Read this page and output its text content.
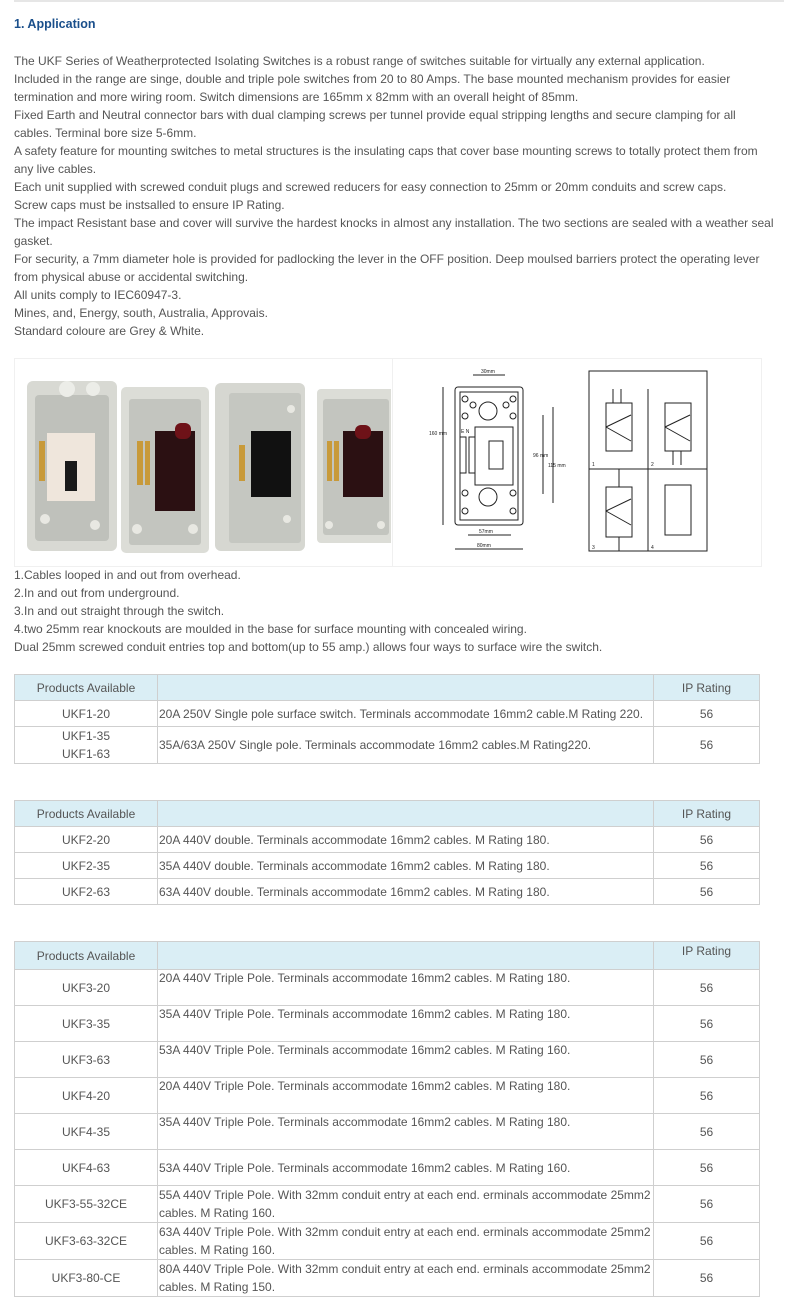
1. Application

The UKF Series of Weatherprotected Isolating Switches is a robust range of switches suitable for virtually any external application.

Included in the range are singe, double and triple pole switches from 20 to 80 Amps. The base mounted mechanism provides for easier termination and more wiring room. Switch dimensions are 165mm x 82mm with an overall height of 85mm.

Fixed Earth and Neutral connector bars with dual clamping screws per tunnel provide equal stripping lengths and secure clamping for all cables. Terminal bore size 5-6mm.

A safety feature for mounting switches to metal structures is the insulating caps that cover base mounting screws to totally protect them from any live cables.

Each unit supplied with screwed conduit plugs and screwed reducers for easy connection to 25mm or 20mm conduits and screw caps.

Screw caps must be instsalled to ensure IP Rating.

The impact Resistant base and cover will survive the hardest knocks in almost any installation. The two sections are sealed with a weather seal gasket.

For security, a 7mm diameter hole is provided for padlocking the lever in the OFF position. Deep moulsed barriers protect the operating lever from physical abuse or accidental switching.

All units comply to IEC60947-3.

Mines, and, Energy, south, Australia, Approvais.

Standard coloure are Grey & White.

30mm
80mm
57mm
E N
160 mm
96 mm
115 mm	1	2
3	4

1.Cables looped in and out from overhead.

2.In and out from underground.

3.In and out straight through the switch.

4.two 25mm rear knockouts are moulded in the base for surface mounting with concealed wiring.

Dual 25mm screwed conduit entries top and bottom(up to 55 amp.) allows four ways to surface wire the switch.

Products Available		IP Rating
UKF1-20	20A 250V Single pole surface switch. Terminals accommodate 16mm2 cable.M Rating 220.	56

UKF1-35
UKF1-63	35A/63A 250V Single pole. Terminals accommodate 16mm2 cables.M Rating220.	56
Products Available		IP Rating
UKF2-20	20A 440V double. Terminals accommodate 16mm2 cables. M Rating 180.	56
UKF2-35	35A 440V double. Terminals accommodate 16mm2 cables. M Rating 180.	56
UKF2-63	63A 440V double. Terminals accommodate 16mm2 cables. M Rating 180.	56
Products Available		IP Rating
UKF3-20	20A 440V Triple Pole. Terminals accommodate 16mm2 cables. M Rating 180.	56
UKF3-35	35A 440V Triple Pole. Terminals accommodate 16mm2 cables. M Rating 180.	56
UKF3-63	53A 440V Triple Pole. Terminals accommodate 16mm2 cables. M Rating 160.	56
UKF4-20	20A 440V Triple Pole. Terminals accommodate 16mm2 cables. M Rating 180.	56
UKF4-35	35A 440V Triple Pole. Terminals accommodate 16mm2 cables. M Rating 180.	56
UKF4-63	53A 440V Triple Pole. Terminals accommodate 16mm2 cables. M Rating 160.	56
UKF3-55-32CE	55A 440V Triple Pole. With 32mm conduit entry at each end. erminals accommodate 25mm2 cables. M Rating 160.	56
UKF3-63-32CE	63A 440V Triple Pole. With 32mm conduit entry at each end. erminals accommodate 25mm2 cables. M Rating 160.	56
UKF3-80-CE	80A 440V Triple Pole. With 32mm conduit entry at each end. erminals accommodate 25mm2 cables. M Rating 150.	56
